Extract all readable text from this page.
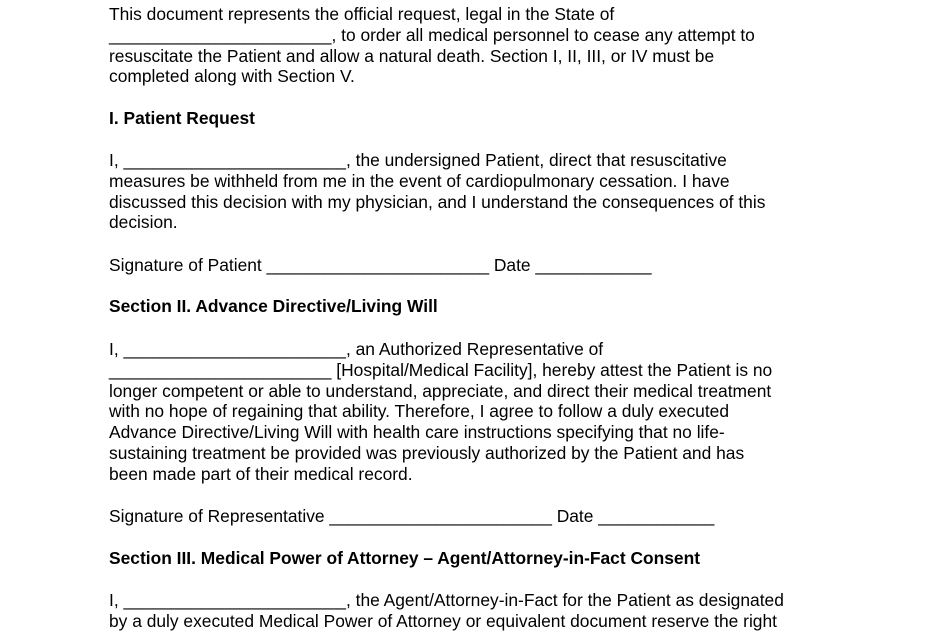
This document represents the official request, legal in the State of
_______________________, to order all medical personnel to cease any attempt to
resuscitate the Patient and allow a natural death. Section I, II, III, or IV must be
completed along with Section V.
I. Patient Request
I, _______________________, the undersigned Patient, direct that resuscitative
measures be withheld from me in the event of cardiopulmonary cessation. I have
discussed this decision with my physician, and I understand the consequences of this
decision.
Signature of Patient _______________________ Date ____________
Section II. Advance Directive/Living Will
I, _______________________, an Authorized Representative of
_______________________ [Hospital/Medical Facility], hereby attest the Patient is no
longer competent or able to understand, appreciate, and direct their medical treatment
with no hope of regaining that ability. Therefore, I agree to follow a duly executed
Advance Directive/Living Will with health care instructions specifying that no life-
sustaining treatment be provided was previously authorized by the Patient and has
been made part of their medical record.
Signature of Representative _______________________ Date ____________
Section III. Medical Power of Attorney – Agent/Attorney-in-Fact Consent
I, _______________________, the Agent/Attorney-in-Fact for the Patient as designated
by a duly executed Medical Power of Attorney or equivalent document reserve the right
